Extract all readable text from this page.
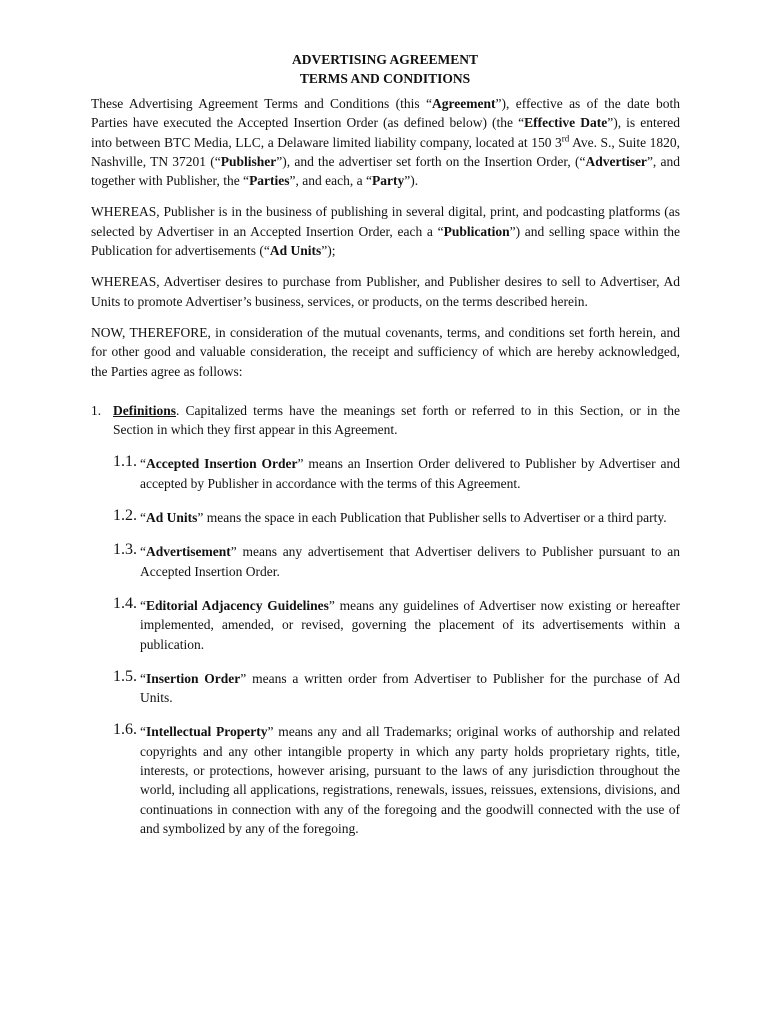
ADVERTISING AGREEMENT
TERMS AND CONDITIONS

These Advertising Agreement Terms and Conditions (this “Agreement”), effective as of the date both Parties have executed the Accepted Insertion Order (as defined below) (the “Effective Date”), is entered into between BTC Media, LLC, a Delaware limited liability company, located at 150 3rd Ave. S., Suite 1820, Nashville, TN 37201 (“Publisher”), and the advertiser set forth on the Insertion Order, (“Advertiser”, and together with Publisher, the “Parties”, and each, a “Party”).

WHEREAS, Publisher is in the business of publishing in several digital, print, and podcasting platforms (as selected by Advertiser in an Accepted Insertion Order, each a “Publication”) and selling space within the Publication for advertisements (“Ad Units”);

WHEREAS, Advertiser desires to purchase from Publisher, and Publisher desires to sell to Advertiser, Ad Units to promote Advertiser’s business, services, or products, on the terms described herein.

NOW, THEREFORE, in consideration of the mutual covenants, terms, and conditions set forth herein, and for other good and valuable consideration, the receipt and sufficiency of which are hereby acknowledged, the Parties agree as follows:

1. Definitions. Capitalized terms have the meanings set forth or referred to in this Section, or in the Section in which they first appear in this Agreement.

1.1. “Accepted Insertion Order” means an Insertion Order delivered to Publisher by Advertiser and accepted by Publisher in accordance with the terms of this Agreement.

1.2. “Ad Units” means the space in each Publication that Publisher sells to Advertiser or a third party.

1.3. “Advertisement” means any advertisement that Advertiser delivers to Publisher pursuant to an Accepted Insertion Order.

1.4. “Editorial Adjacency Guidelines” means any guidelines of Advertiser now existing or hereafter implemented, amended, or revised, governing the placement of its advertisements within a publication.

1.5. “Insertion Order” means a written order from Advertiser to Publisher for the purchase of Ad Units.

1.6. “Intellectual Property” means any and all Trademarks; original works of authorship and related copyrights and any other intangible property in which any party holds proprietary rights, title, interests, or protections, however arising, pursuant to the laws of any jurisdiction throughout the world, including all applications, registrations, renewals, issues, reissues, extensions, divisions, and continuations in connection with any of the foregoing and the goodwill connected with the use of and symbolized by any of the foregoing.
